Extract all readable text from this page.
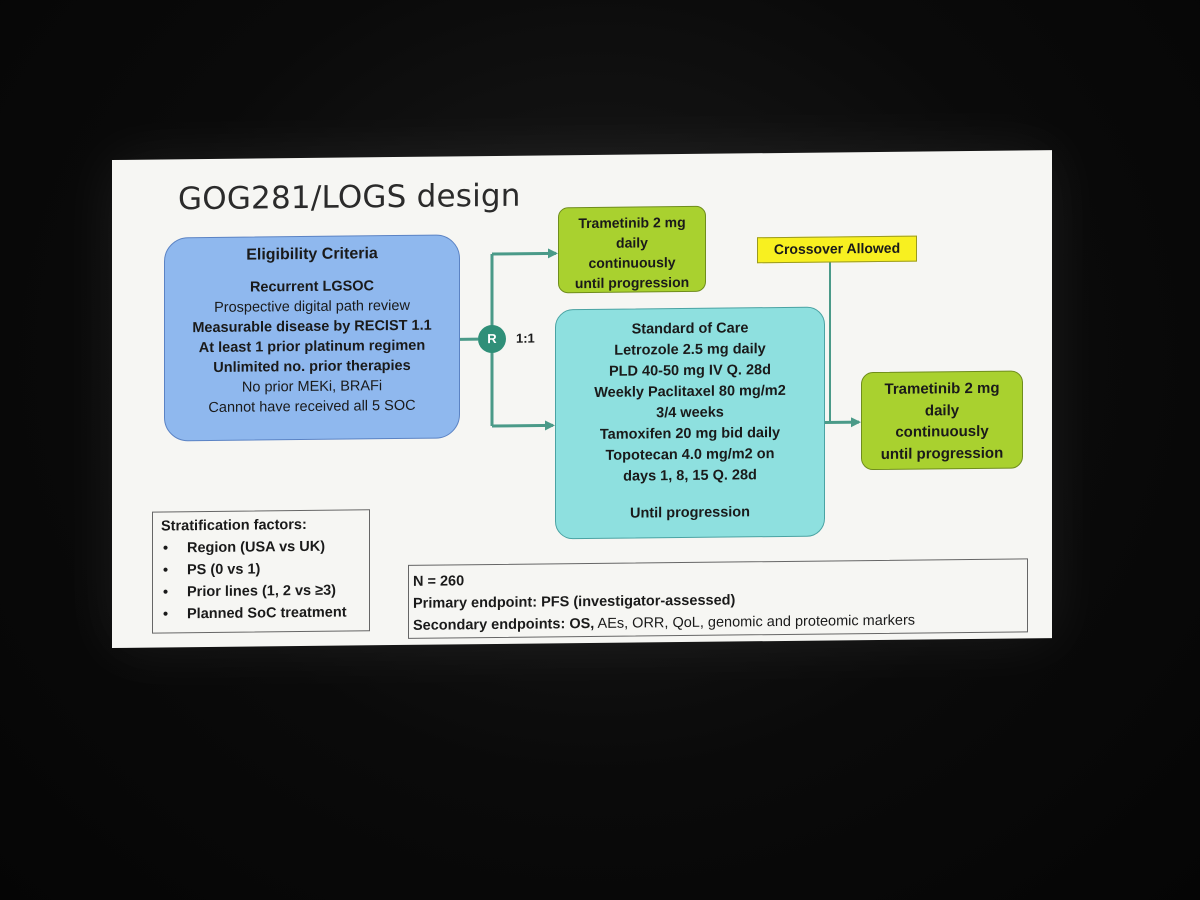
GOG281/LOGS design
Eligibility Criteria
Recurrent LGSOC
Prospective digital path review
Measurable disease by RECIST 1.1
At least 1 prior platinum regimen
Unlimited no. prior therapies
No prior MEKi, BRAFi
Cannot have received all 5 SOC
R	1:1
Trametinib 2 mg
daily
continuously
until progression
Standard of Care
Letrozole 2.5 mg daily
PLD 40-50 mg IV Q. 28d
Weekly Paclitaxel 80 mg/m2
3/4 weeks
Tamoxifen 20 mg bid daily
Topotecan 4.0 mg/m2 on
days 1, 8, 15 Q. 28d
Until progression
Crossover Allowed
Trametinib 2 mg
daily
continuously
until progression
Stratification factors:
• Region (USA vs UK)
• PS (0 vs 1)
• Prior lines (1, 2 vs ≥3)
• Planned SoC treatment
N = 260
Primary endpoint: PFS (investigator-assessed)
Secondary endpoints: OS, AEs, ORR, QoL, genomic and proteomic markers
